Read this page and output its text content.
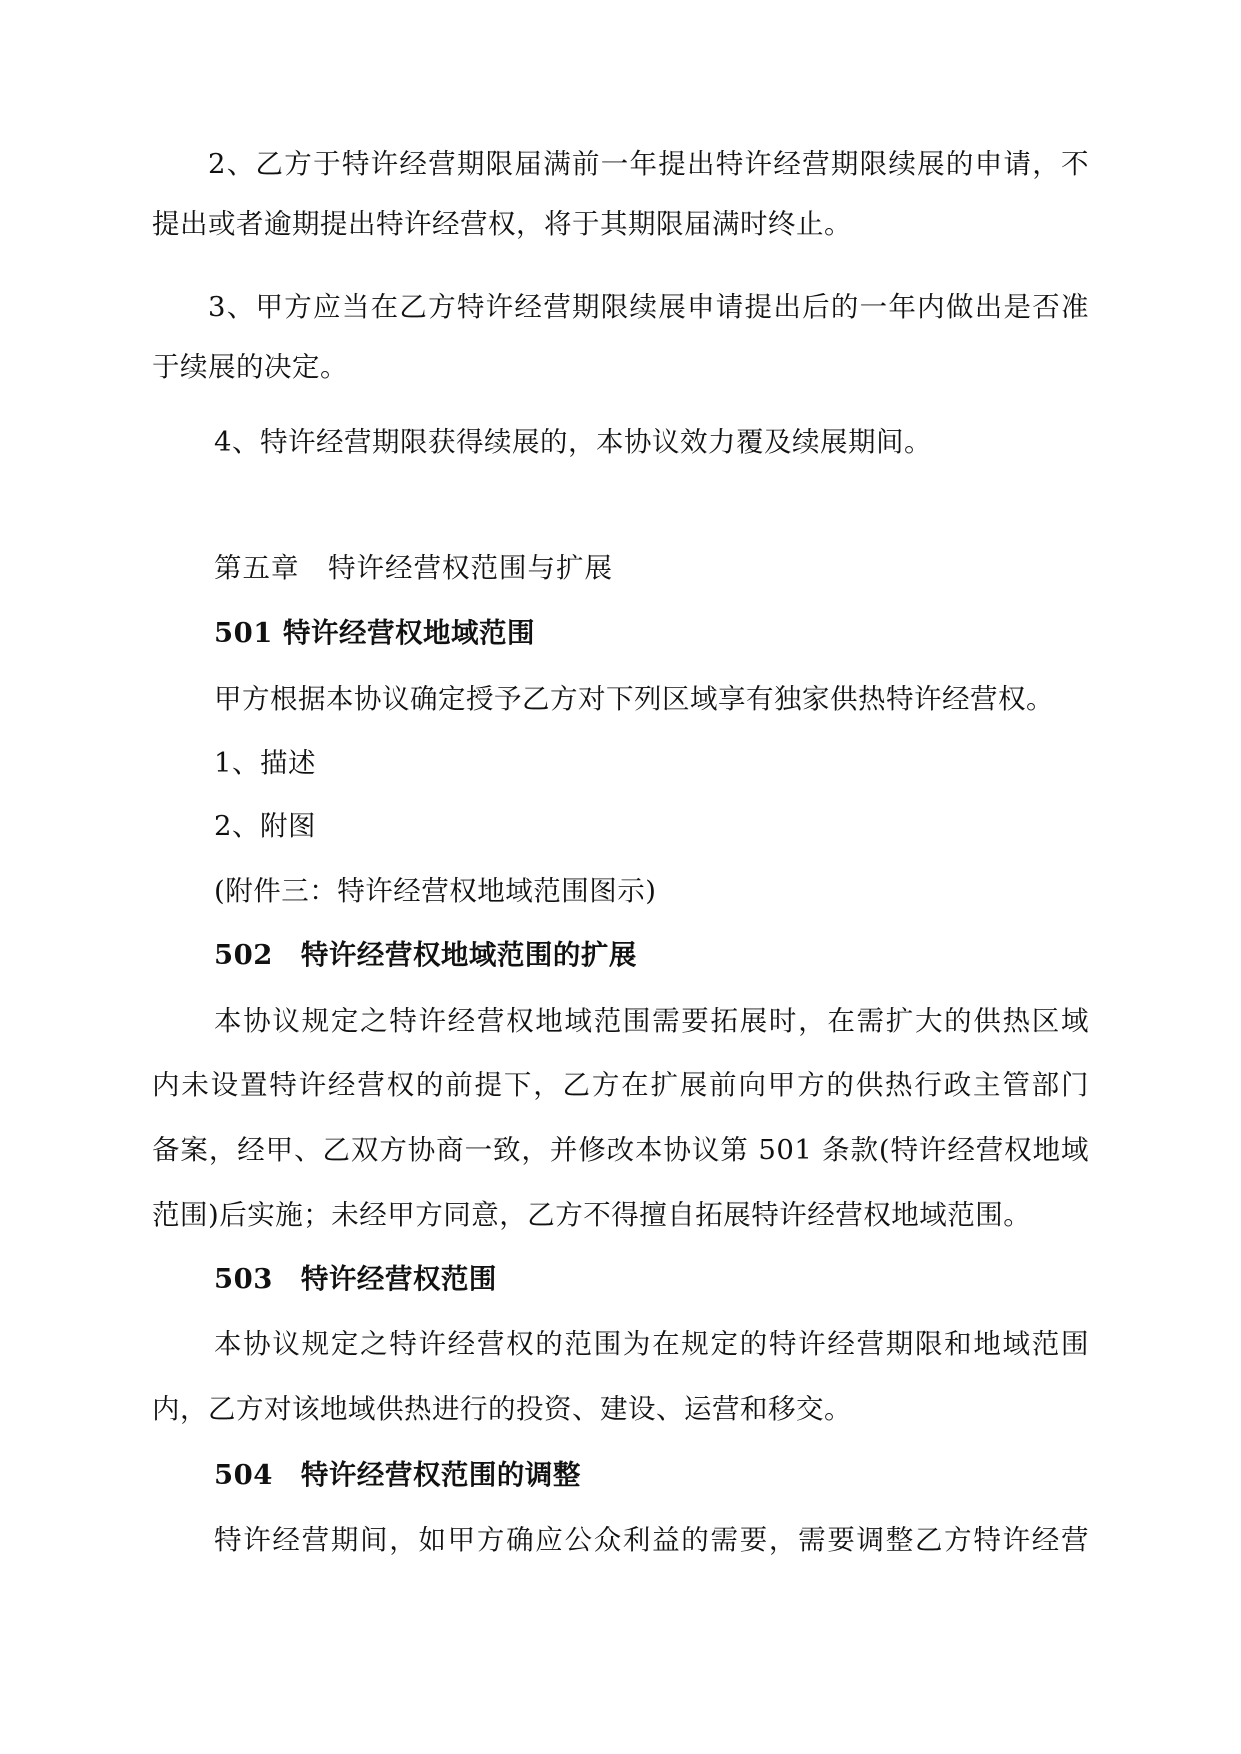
2、乙方于特许经营期限届满前一年提出特许经营期限续展的申请，不
提出或者逾期提出特许经营权，将于其期限届满时终止。
3、甲方应当在乙方特许经营期限续展申请提出后的一年内做出是否准
于续展的决定。
4、特许经营期限获得续展的，本协议效力覆及续展期间。
第五章　特许经营权范围与扩展
501 特许经营权地域范围
甲方根据本协议确定授予乙方对下列区域享有独家供热特许经营权。
1、描述
2、附图
(附件三：特许经营权地域范围图示)
502　特许经营权地域范围的扩展
本协议规定之特许经营权地域范围需要拓展时，在需扩大的供热区域
内未设置特许经营权的前提下，乙方在扩展前向甲方的供热行政主管部门
备案，经甲、乙双方协商一致，并修改本协议第 501 条款(特许经营权地域
范围)后实施；未经甲方同意，乙方不得擅自拓展特许经营权地域范围。
503　特许经营权范围
本协议规定之特许经营权的范围为在规定的特许经营期限和地域范围
内，乙方对该地域供热进行的投资、建设、运营和移交。
504　特许经营权范围的调整
特许经营期间，如甲方确应公众利益的需要，需要调整乙方特许经营
